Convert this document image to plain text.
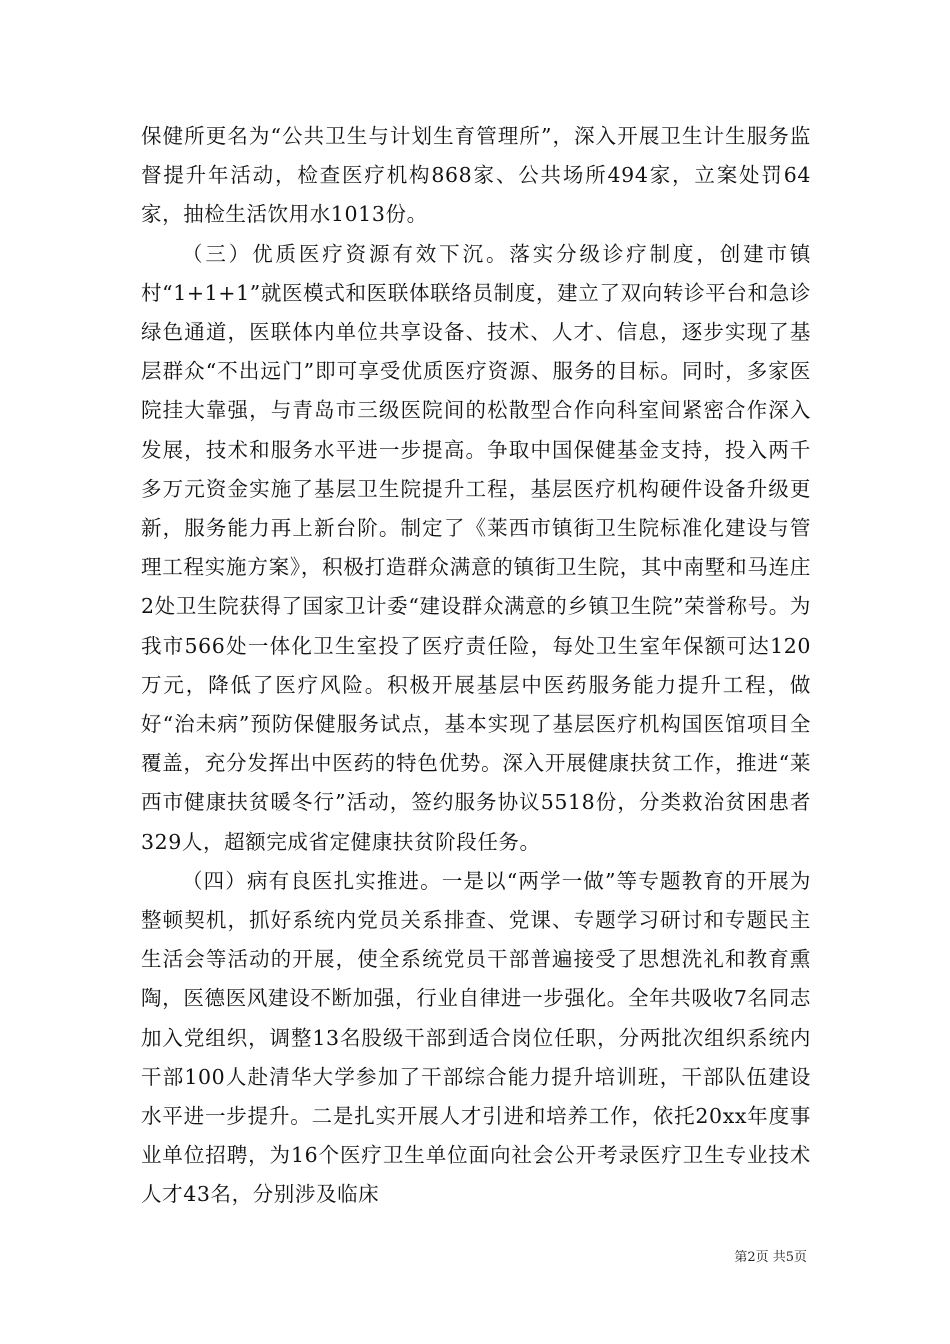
保健所更名为“公共卫生与计划生育管理所”，深入开展卫生计生服务监督提升年活动，检查医疗机构868家、公共场所494家，立案处罚64家，抽检生活饮用水1013份。

（三）优质医疗资源有效下沉。落实分级诊疗制度，创建市镇村“1+1+1”就医模式和医联体联络员制度，建立了双向转诊平台和急诊绿色通道，医联体内单位共享设备、技术、人才、信息，逐步实现了基层群众“不出远门”即可享受优质医疗资源、服务的目标。同时，多家医院挂大靠强，与青岛市三级医院间的松散型合作向科室间紧密合作深入发展，技术和服务水平进一步提高。争取中国保健基金支持，投入两千多万元资金实施了基层卫生院提升工程，基层医疗机构硬件设备升级更新，服务能力再上新台阶。制定了《莱西市镇街卫生院标准化建设与管理工程实施方案》，积极打造群众满意的镇街卫生院，其中南墅和马连庄2处卫生院获得了国家卫计委“建设群众满意的乡镇卫生院”荣誉称号。为我市566处一体化卫生室投了医疗责任险，每处卫生室年保额可达120万元，降低了医疗风险。积极开展基层中医药服务能力提升工程，做好“治未病”预防保健服务试点，基本实现了基层医疗机构国医馆项目全覆盖，充分发挥出中医药的特色优势。深入开展健康扶贫工作，推进“莱西市健康扶贫暖冬行”活动，签约服务协议5518份，分类救治贫困患者329人，超额完成省定健康扶贫阶段任务。

（四）病有良医扎实推进。一是以“两学一做”等专题教育的开展为整顿契机，抓好系统内党员关系排查、党课、专题学习研讨和专题民主生活会等活动的开展，使全系统党员干部普遍接受了思想洗礼和教育熏陶，医德医风建设不断加强，行业自律进一步强化。全年共吸收7名同志加入党组织，调整13名股级干部到适合岗位任职，分两批次组织系统内干部100人赴清华大学参加了干部综合能力提升培训班，干部队伍建设水平进一步提升。二是扎实开展人才引进和培养工作，依托20xx年度事业单位招聘，为16个医疗卫生单位面向社会公开考录医疗卫生专业技术人才43名，分别涉及临床

第2页 共5页
